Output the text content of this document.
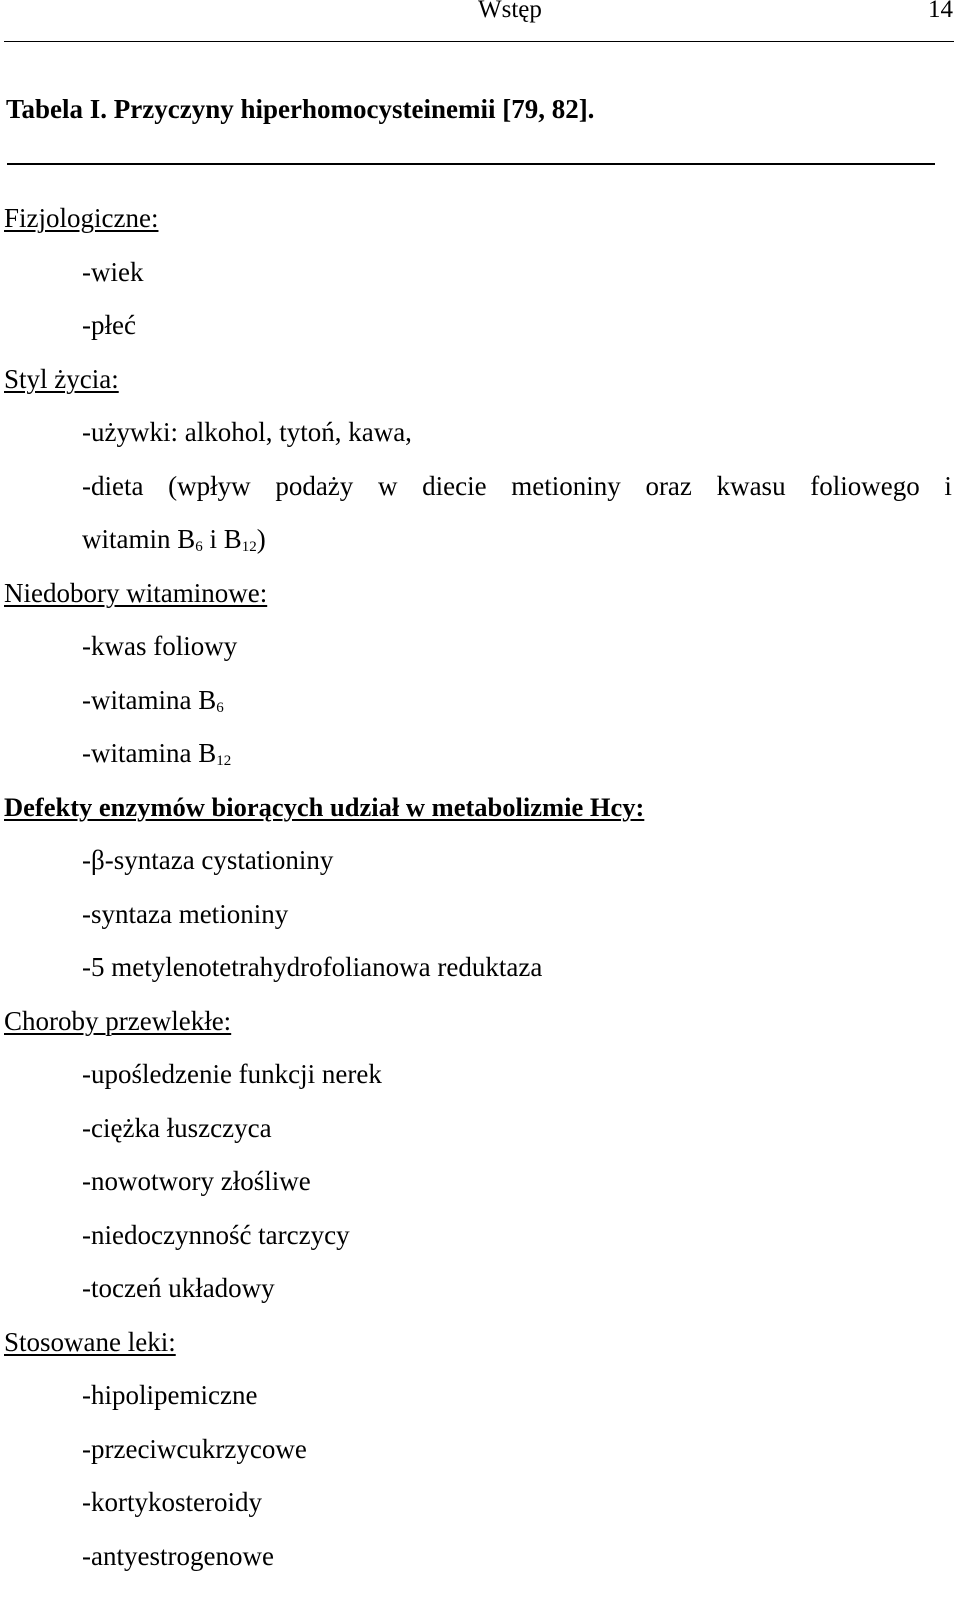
Wstęp	14
Tabela I. Przyczyny hiperhomocysteinemii [79, 82].
Fizjologiczne:
-wiek
-płeć
Styl życia:
-używki: alkohol, tytoń, kawa,
-dieta (wpływ podaży w diecie metioniny oraz kwasu foliowego i
witamin $B_6$ i $B_{12}$)
Niedobory witaminowe:
-kwas foliowy
-witamina $B_6$
-witamina $B_{12}$
Defekty enzymów biorących udział w metabolizmie Hcy:
-β-syntaza cystationiny
-syntaza metioniny
-5 metylenotetrahydrofolianowa reduktaza
Choroby przewlekłe:
-upośledzenie funkcji nerek
-ciężka łuszczyca
-nowotwory złośliwe
-niedoczynność tarczycy
-toczeń układowy
Stosowane leki:
-hipolipemiczne
-przeciwcukrzycowe
-kortykosteroidy
-antyestrogenowe
